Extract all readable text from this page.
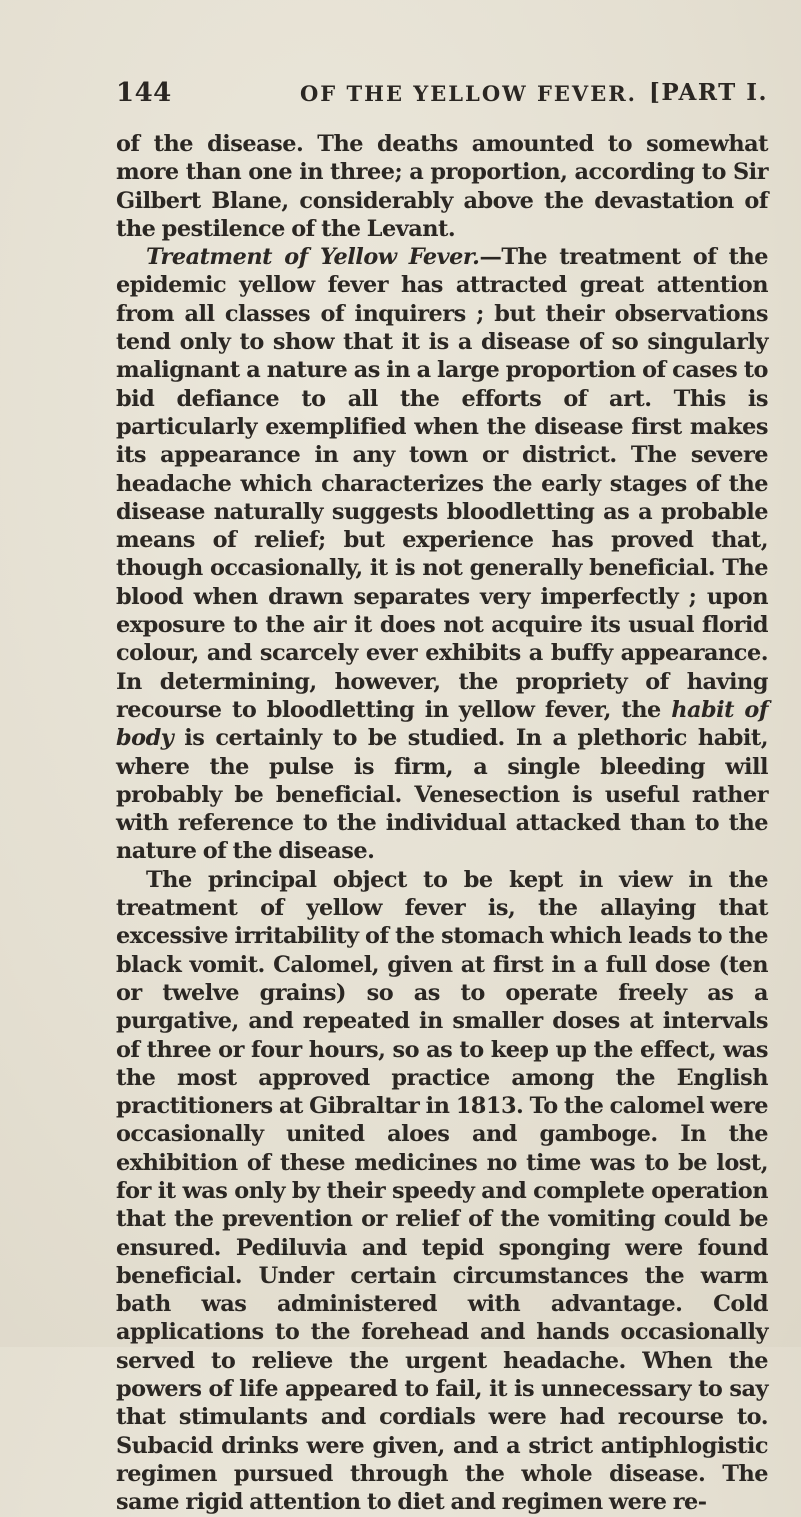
144	OF THE YELLOW FEVER. [PART I.

of the disease. The deaths amounted to somewhat more than one in three; a proportion, according to Sir Gilbert Blane, considerably above the devastation of the pestilence of the Levant.

Treatment of Yellow Fever.—The treatment of the epidemic yellow fever has attracted great attention from all classes of inquirers ; but their observations tend only to show that it is a disease of so singularly malignant a nature as in a large proportion of cases to bid defiance to all the efforts of art. This is particularly exemplified when the disease first makes its appearance in any town or district. The severe headache which characterizes the early stages of the disease naturally suggests bloodletting as a probable means of relief; but experience has proved that, though occasionally, it is not generally beneficial. The blood when drawn separates very imperfectly ; upon exposure to the air it does not acquire its usual florid colour, and scarcely ever exhibits a buffy appearance. In determining, however, the propriety of having recourse to bloodletting in yellow fever, the habit of body is certainly to be studied. In a plethoric habit, where the pulse is firm, a single bleeding will probably be beneficial. Venesection is useful rather with reference to the individual attacked than to the nature of the disease.

The principal object to be kept in view in the treatment of yellow fever is, the allaying that excessive irritability of the stomach which leads to the black vomit. Calomel, given at first in a full dose (ten or twelve grains) so as to operate freely as a purgative, and repeated in smaller doses at intervals of three or four hours, so as to keep up the effect, was the most approved practice among the English practitioners at Gibraltar in 1813. To the calomel were occasionally united aloes and gamboge. In the exhibition of these medicines no time was to be lost, for it was only by their speedy and complete operation that the prevention or relief of the vomiting could be ensured. Pediluvia and tepid sponging were found beneficial. Under certain circumstances the warm bath was administered with advantage. Cold applications to the forehead and hands occasionally served to relieve the urgent headache. When the powers of life appeared to fail, it is unnecessary to say that stimulants and cordials were had recourse to. Subacid drinks were given, and a strict antiphlogistic regimen pursued through the whole disease. The same rigid attention to diet and regimen were re-
